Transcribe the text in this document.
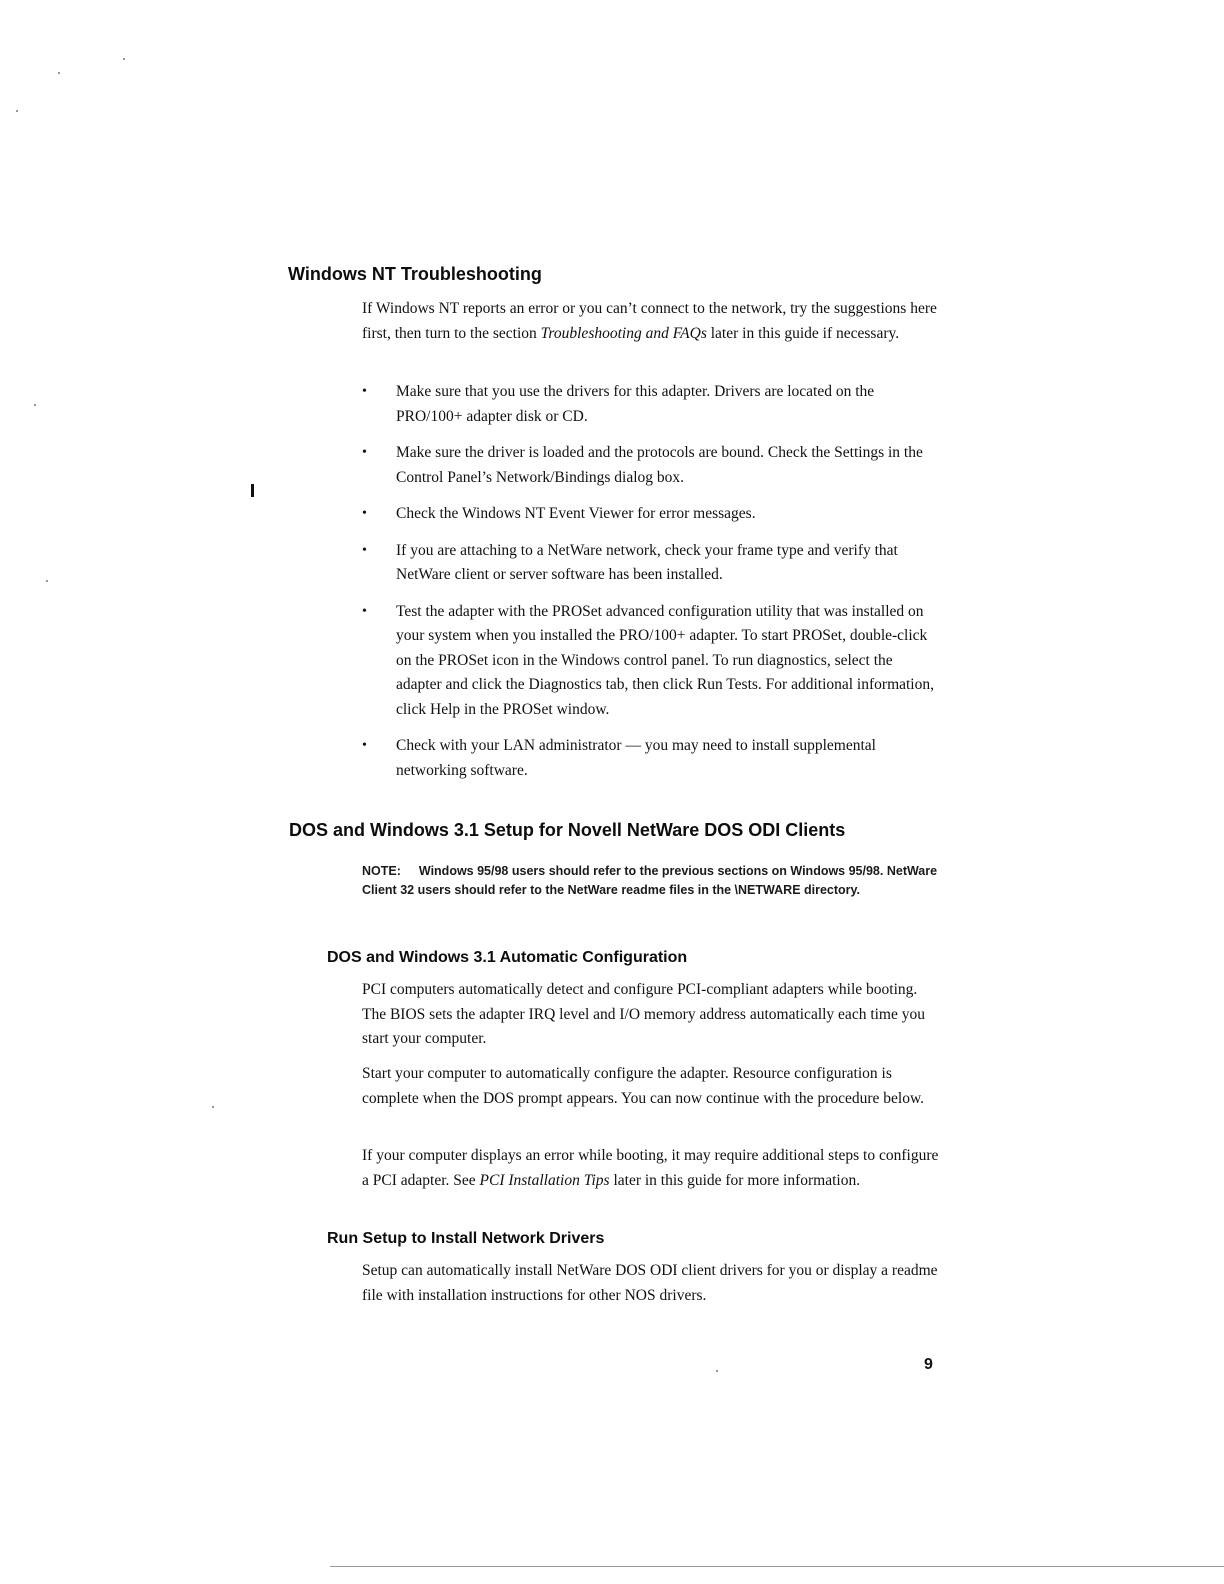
Windows NT Troubleshooting

If Windows NT reports an error or you can’t connect to the network, try the suggestions here first, then turn to the section Troubleshooting and FAQs later in this guide if necessary.

• Make sure that you use the drivers for this adapter. Drivers are located on the PRO/100+ adapter disk or CD.
• Make sure the driver is loaded and the protocols are bound. Check the Settings in the Control Panel’s Network/Bindings dialog box.
• Check the Windows NT Event Viewer for error messages.
• If you are attaching to a NetWare network, check your frame type and verify that NetWare client or server software has been installed.
• Test the adapter with the PROSet advanced configuration utility that was installed on your system when you installed the PRO/100+ adapter. To start PROSet, double-click on the PROSet icon in the Windows control panel. To run diagnostics, select the adapter and click the Diagnostics tab, then click Run Tests. For additional information, click Help in the PROSet window.
• Check with your LAN administrator — you may need to install supplemental networking software.
DOS and Windows 3.1 Setup for Novell NetWare DOS ODI Clients

NOTE: Windows 95/98 users should refer to the previous sections on Windows 95/98. NetWare Client 32 users should refer to the NetWare readme files in the \NETWARE directory.

DOS and Windows 3.1 Automatic Configuration

PCI computers automatically detect and configure PCI-compliant adapters while booting. The BIOS sets the adapter IRQ level and I/O memory address automatically each time you start your computer.

Start your computer to automatically configure the adapter. Resource configuration is complete when the DOS prompt appears. You can now continue with the procedure below.

If your computer displays an error while booting, it may require additional steps to configure a PCI adapter. See PCI Installation Tips later in this guide for more information.

Run Setup to Install Network Drivers

Setup can automatically install NetWare DOS ODI client drivers for you or display a readme file with installation instructions for other NOS drivers.

9
